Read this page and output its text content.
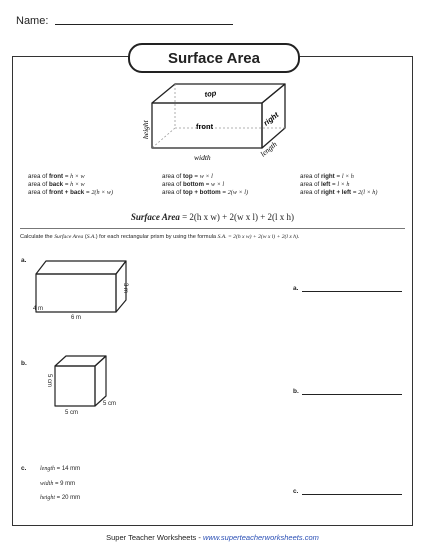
Name:
Surface Area
top
front	right
height
width	length
area of front = h × w
area of back = h × w
area of front + back = 2(h × w)
area of top = w × l
area of bottom = w × l
area of top + bottom = 2(w × l)
area of right = l × h
area of left = l × h
area of right + left = 2(l × h)
Surface Area = 2(h x w) + 2(w x l) + 2(l x h)
Calculate the Surface Area (S.A.) for each rectangular prism by using the formula S.A. = 2(h x w) + 2(w x l) + 2(l x h).
a.
3 m
4 m
6 m
a.
b.
5 cm
5 cm
5 cm
b.
c. length = 14 mm
width = 9 mm
height = 20 mm
c.
Super Teacher Worksheets - www.superteacherworksheets.com
